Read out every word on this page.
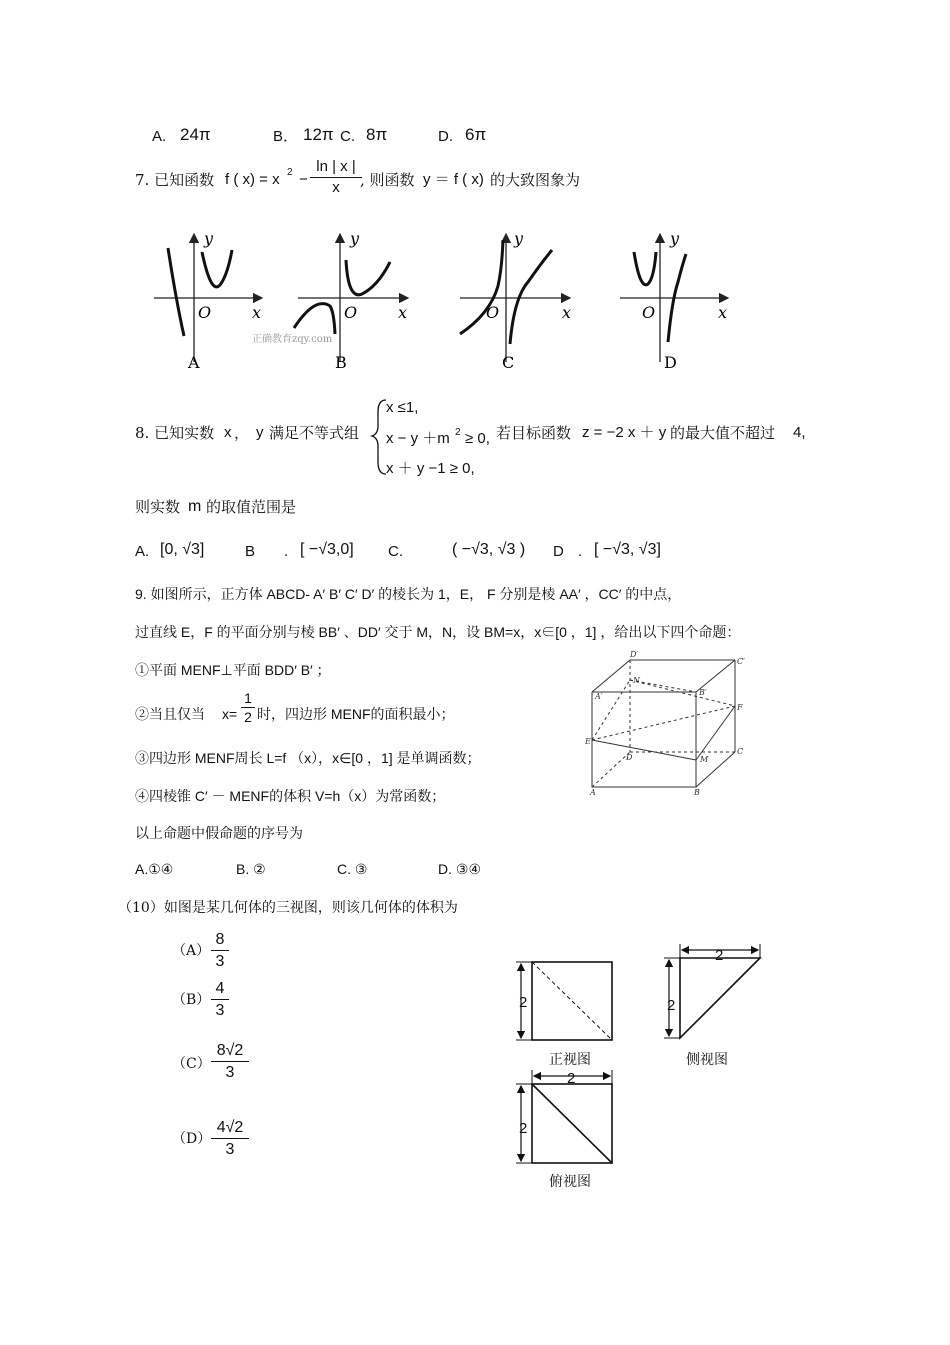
A. 24π	B． 12π C. 8π	D. 6π
7. 已知函数 f ( x) = x 2 −
ln | x |
x	, 则函数 y ＝ f ( x) 的大致图象为
y
x
O
A
y
x
O
B
正确教育zqy.com
y
x
O
C
y
x
O
D
8. 已知实数 x ， y 满足不等式组
x ≤1,
x − y ＋m 2 ≥ 0,
x ＋ y −1 ≥ 0,
若目标函数 z = −2 x ＋ y 的最大值不超过 4,
则实数 m 的取值范围是
A. [0, √3]	B . [ −√3,0] C.	( −√3, √3 ) D . [ −√3, √3]
9. 如图所示，正方体 ABCD- A′ B′ C′ D′ 的棱长为 1，E， F 分别是棱 AA′ ，CC′ 的中点，
过直线 E，F 的平面分别与棱 BB′ 、DD′ 交于 M，N，设 BM=x，x∈[0 ，1] ，给出以下四个命题：
①平面 MENF⊥平面 BDD′ B′ ；
②当且仅当 x=
1
2 时，四边形 MENF的面积最小；
③四边形 MENF周长 L=f （x），x∈[0 ，1] 是单调函数；
④四棱锥 C′ － MENF的体积 V=h（x）为常函数；
以上命题中假命题的序号为
A.①④	B. ②	C. ③	D. ③④
D′
C′
N
A′	B′
F
E
D
C
M
A	B
（10）如图是某几何体的三视图，则该几何体的体积为
（A）
8
3
（B）
4
3
（C）
8√2
3
（D）
4√2
3
2
正视图
2
2
侧视图
2
2
俯视图
